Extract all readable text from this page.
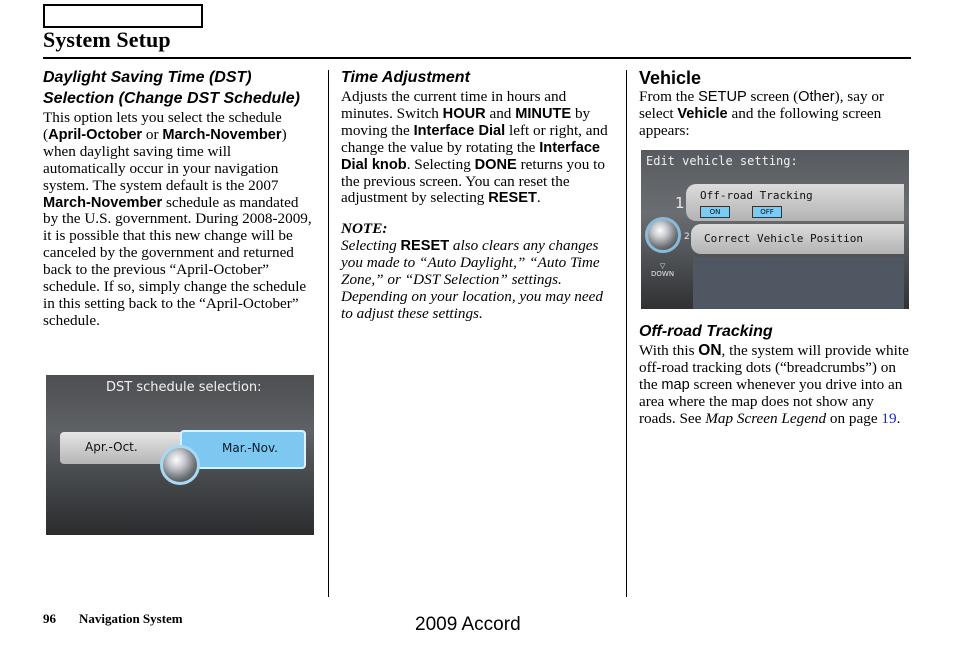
System Setup
Daylight Saving Time (DST) Selection (Change DST Schedule)

This option lets you select the schedule (April-October or March-November) when daylight saving time will automatically occur in your navigation system. The system default is the 2007 March-November schedule as mandated by the U.S. government. During 2008-2009, it is possible that this new change will be canceled by the government and returned back to the previous “April-October” schedule. If so, simply change the schedule in this setting back to the “April-October” schedule.

DST schedule selection:
Apr.-Oct.	Mar.-Nov.
Time Adjustment

Adjusts the current time in hours and minutes. Switch HOUR and MINUTE by moving the Interface Dial left or right, and change the value by rotating the Interface Dial knob. Selecting DONE returns you to the previous screen. You can reset the adjustment by selecting RESET.

NOTE:

Selecting RESET also clears any changes you made to “Auto Daylight,” “Auto Time Zone,” or “DST Selection” settings. Depending on your location, you may need to adjust these settings.

Vehicle

From the SETUP screen (Other), say or select Vehicle and the following screen appears:

Edit vehicle setting:
1
2
Off-road Tracking
ON	OFF
Correct Vehicle Position
▽
DOWN
Off-road Tracking

With this ON, the system will provide white off-road tracking dots (“breadcrumbs”) on the map screen whenever you drive into an area where the map does not show any roads. See Map Screen Legend on page 19.

96 Navigation System	2009 Accord
